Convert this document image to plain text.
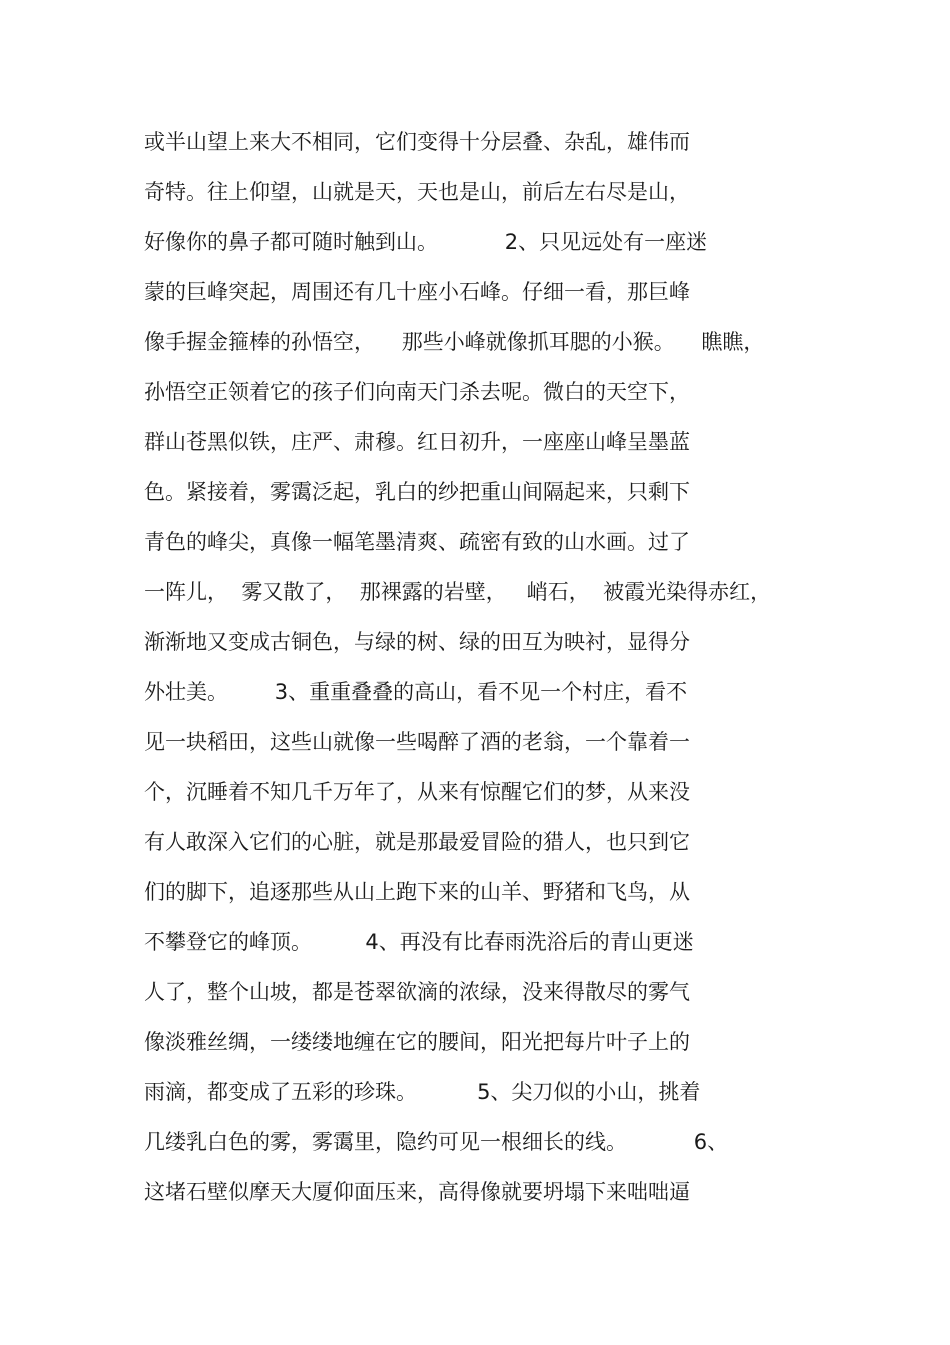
或半山望上来大不相同，它们变得十分层叠、杂乱，雄伟而
奇特。往上仰望，山就是天，天也是山，前后左右尽是山，
好像你的鼻子都可随时触到山。          2、只见远处有一座迷
蒙的巨峰突起，周围还有几十座小石峰。仔细一看，那巨峰
像手握金箍棒的孙悟空，    那些小峰就像抓耳腮的小猴。    瞧瞧，
孙悟空正领着它的孩子们向南天门杀去呢。微白的天空下，
群山苍黑似铁，庄严、肃穆。红日初升，一座座山峰呈墨蓝
色。紧接着，雾霭泛起，乳白的纱把重山间隔起来，只剩下
青色的峰尖，真像一幅笔墨清爽、疏密有致的山水画。过了
一阵儿，  雾又散了，  那裸露的岩壁，   峭石，  被霞光染得赤红，
渐渐地又变成古铜色，与绿的树、绿的田互为映衬，显得分
外壮美。       3、重重叠叠的高山，看不见一个村庄，看不
见一块稻田，这些山就像一些喝醉了酒的老翁，一个靠着一
个，沉睡着不知几千万年了，从来有惊醒它们的梦，从来没
有人敢深入它们的心脏，就是那最爱冒险的猎人，也只到它
们的脚下，追逐那些从山上跑下来的山羊、野猪和飞鸟，从
不攀登它的峰顶。        4、再没有比春雨洗浴后的青山更迷
人了，整个山坡，都是苍翠欲滴的浓绿，没来得散尽的雾气
像淡雅丝绸，一缕缕地缠在它的腰间，阳光把每片叶子上的
雨滴，都变成了五彩的珍珠。         5、尖刀似的小山，挑着
几缕乳白色的雾，雾霭里，隐约可见一根细长的线。          6、
这堵石壁似摩天大厦仰面压来，高得像就要坍塌下来咄咄逼
